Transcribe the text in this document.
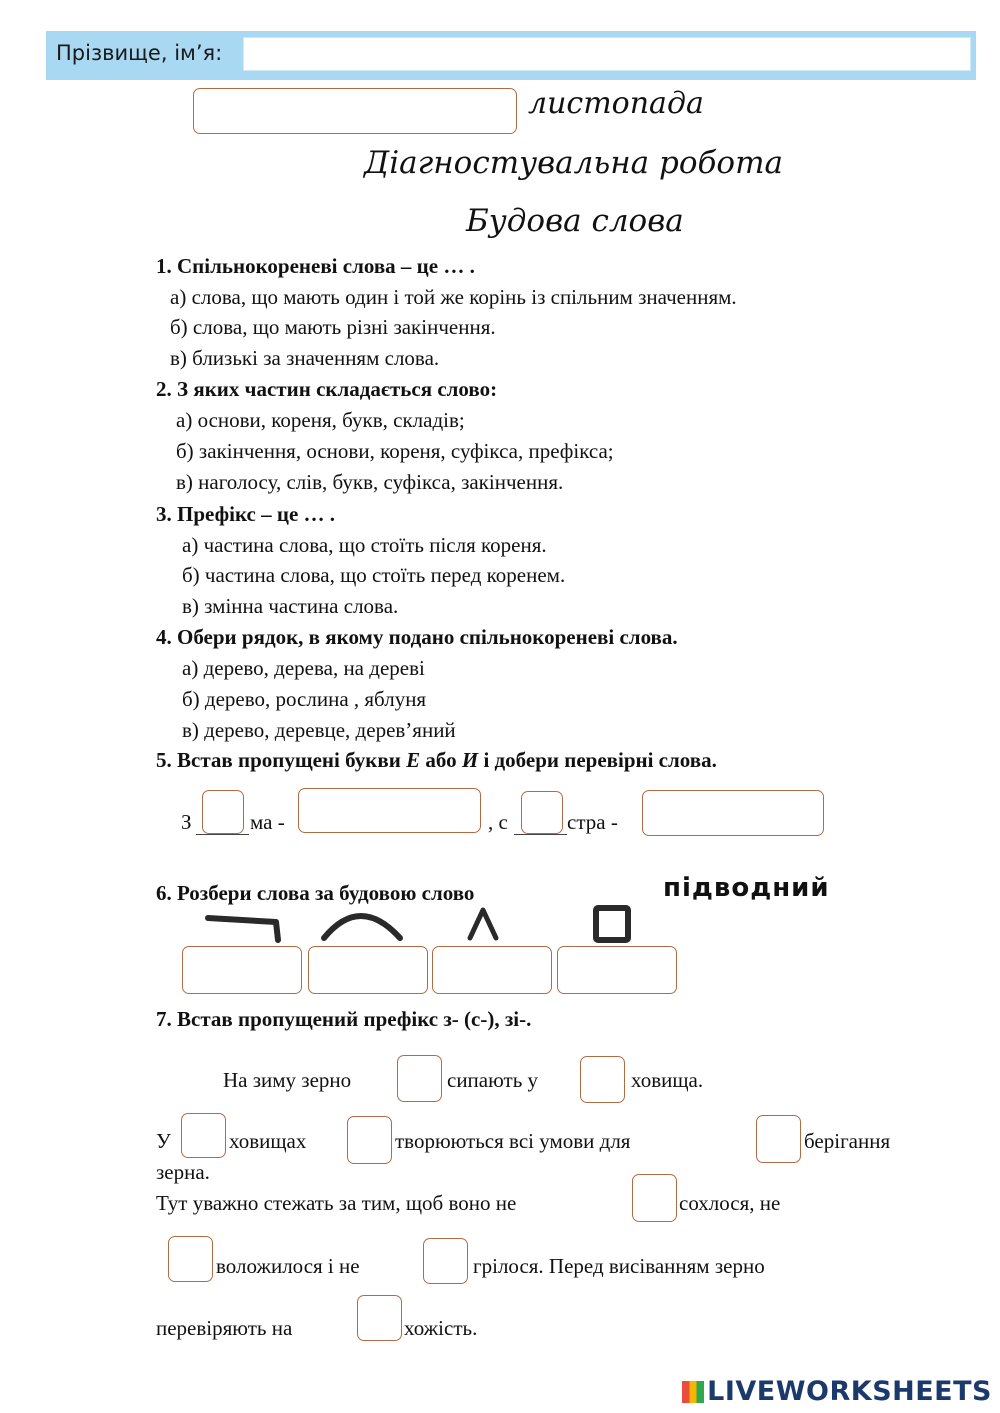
Прізвище, ім’я:
листопада
Діагностувальна робота
Будова слова
1. Спільнокореневі слова – це … .
а) слова, що мають один і той же корінь із спільним значенням.
б) слова, що мають різні закінчення.
в) близькі за значенням слова.
2. З яких частин складається слово:
а) основи, кореня, букв, складів;
б) закінчення, основи, кореня, суфікса, префікса;
в) наголосу, слів, букв, суфікса, закінчення.
3. Префікс – це … .
а) частина слова, що стоїть після кореня.
б) частина слова, що стоїть перед коренем.
в) змінна частина слова.
4. Обери рядок, в якому подано спільнокореневі слова.
а) дерево, дерева, на дереві
б) дерево, рослина , яблуня
в) дерево, деревце, дерев’яний
5. Встав пропущені букви Е або И і добери перевірні слова.
З	ма -	, с	стра -
6. Розбери слова за будовою слово	підводний
7. Встав пропущений префікс з- (с-), зі-.
На зиму зерно	сипають у	ховища.
У	ховищах	творюються всі умови для	берігання
зерна.
Тут уважно стежать за тим, щоб воно не	сохлося, не
воложилося і не	грілося. Перед висіванням зерно
перевіряють на	хожість.
LIVEWORKSHEETS
